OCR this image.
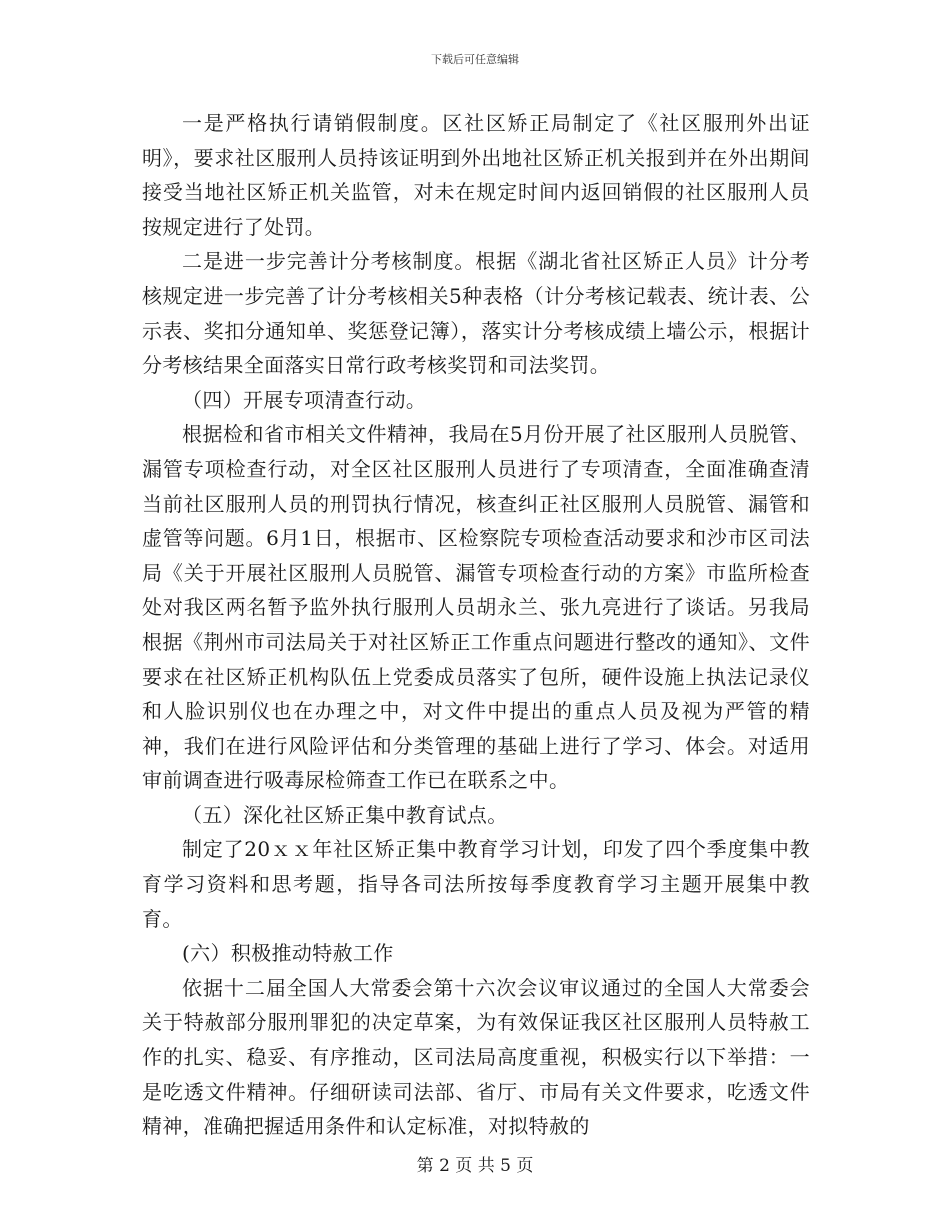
下载后可任意编辑

一是严格执行请销假制度。区社区矫正局制定了《社区服刑外出证明》，要求社区服刑人员持该证明到外出地社区矫正机关报到并在外出期间接受当地社区矫正机关监管，对未在规定时间内返回销假的社区服刑人员按规定进行了处罚。

二是进一步完善计分考核制度。根据《湖北省社区矫正人员》计分考核规定进一步完善了计分考核相关5种表格（计分考核记载表、统计表、公示表、奖扣分通知单、奖惩登记簿），落实计分考核成绩上墙公示，根据计分考核结果全面落实日常行政考核奖罚和司法奖罚。

（四）开展专项清查行动。

根据检和省市相关文件精神，我局在5月份开展了社区服刑人员脱管、漏管专项检查行动，对全区社区服刑人员进行了专项清查，全面准确查清当前社区服刑人员的刑罚执行情况，核查纠正社区服刑人员脱管、漏管和虚管等问题。6月1日，根据市、区检察院专项检查活动要求和沙市区司法局《关于开展社区服刑人员脱管、漏管专项检查行动的方案》市监所检查处对我区两名暂予监外执行服刑人员胡永兰、张九亮进行了谈话。另我局根据《荆州市司法局关于对社区矫正工作重点问题进行整改的通知》、文件要求在社区矫正机构队伍上党委成员落实了包所，硬件设施上执法记录仪和人脸识别仪也在办理之中，对文件中提出的重点人员及视为严管的精神，我们在进行风险评估和分类管理的基础上进行了学习、体会。对适用审前调查进行吸毒尿检筛查工作已在联系之中。

（五）深化社区矫正集中教育试点。

制定了20ｘｘ年社区矫正集中教育学习计划，印发了四个季度集中教育学习资料和思考题，指导各司法所按每季度教育学习主题开展集中教育。

(六）积极推动特赦工作

依据十二届全国人大常委会第十六次会议审议通过的全国人大常委会关于特赦部分服刑罪犯的决定草案，为有效保证我区社区服刑人员特赦工作的扎实、稳妥、有序推动，区司法局高度重视，积极实行以下举措：一是吃透文件精神。仔细研读司法部、省厅、市局有关文件要求，吃透文件精神，准确把握适用条件和认定标准，对拟特赦的

第 2 页 共 5 页
